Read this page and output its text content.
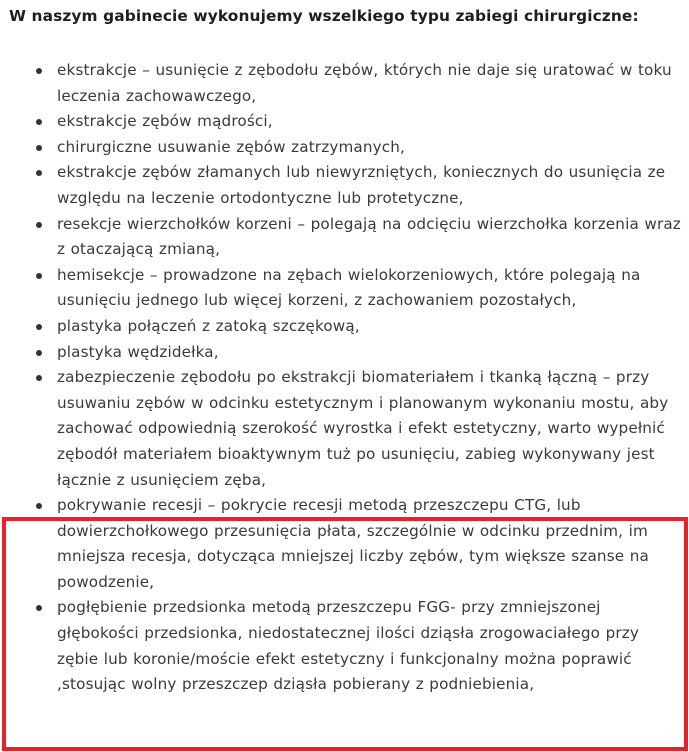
W naszym gabinecie wykonujemy wszelkiego typu zabiegi chirurgiczne:
ekstrakcje – usunięcie z zębodołu zębów, których nie daje się uratować w toku leczenia zachowawczego,
ekstrakcje zębów mądrości,
chirurgiczne usuwanie zębów zatrzymanych,
ekstrakcje zębów złamanych lub niewyrzniętych, koniecznych do usunięcia ze względu na leczenie ortodontyczne lub protetyczne,
resekcje wierzchołków korzeni – polegają na odcięciu wierzchołka korzenia wraz z otaczającą zmianą,
hemisekcje – prowadzone na zębach wielokorzeniowych, które polegają na usunięciu jednego lub więcej korzeni, z zachowaniem pozostałych,
plastyka połączeń z zatoką szczękową,
plastyka wędzidełka,
zabezpieczenie zębodołu po ekstrakcji biomateriałem i tkanką łączną – przy usuwaniu zębów w odcinku estetycznym i planowanym wykonaniu mostu, aby zachować odpowiednią szerokość wyrostka i efekt estetyczny, warto wypełnić zębodół materiałem bioaktywnym tuż po usunięciu, zabieg wykonywany jest łącznie z usunięciem zęba,
pokrywanie recesji – pokrycie recesji metodą przeszczepu CTG, lub dowierzchołkowego przesunięcia płata, szczególnie w odcinku przednim, im mniejsza recesja, dotycząca mniejszej liczby zębów, tym większe szanse na powodzenie,
pogłębienie przedsionka metodą przeszczepu FGG- przy zmniejszonej głębokości przedsionka, niedostatecznej ilości dziąsła zrogowaciałego przy zębie lub koronie/moście efekt estetyczny i funkcjonalny można poprawić ,stosując wolny przeszczep dziąsła pobierany z podniebienia,
